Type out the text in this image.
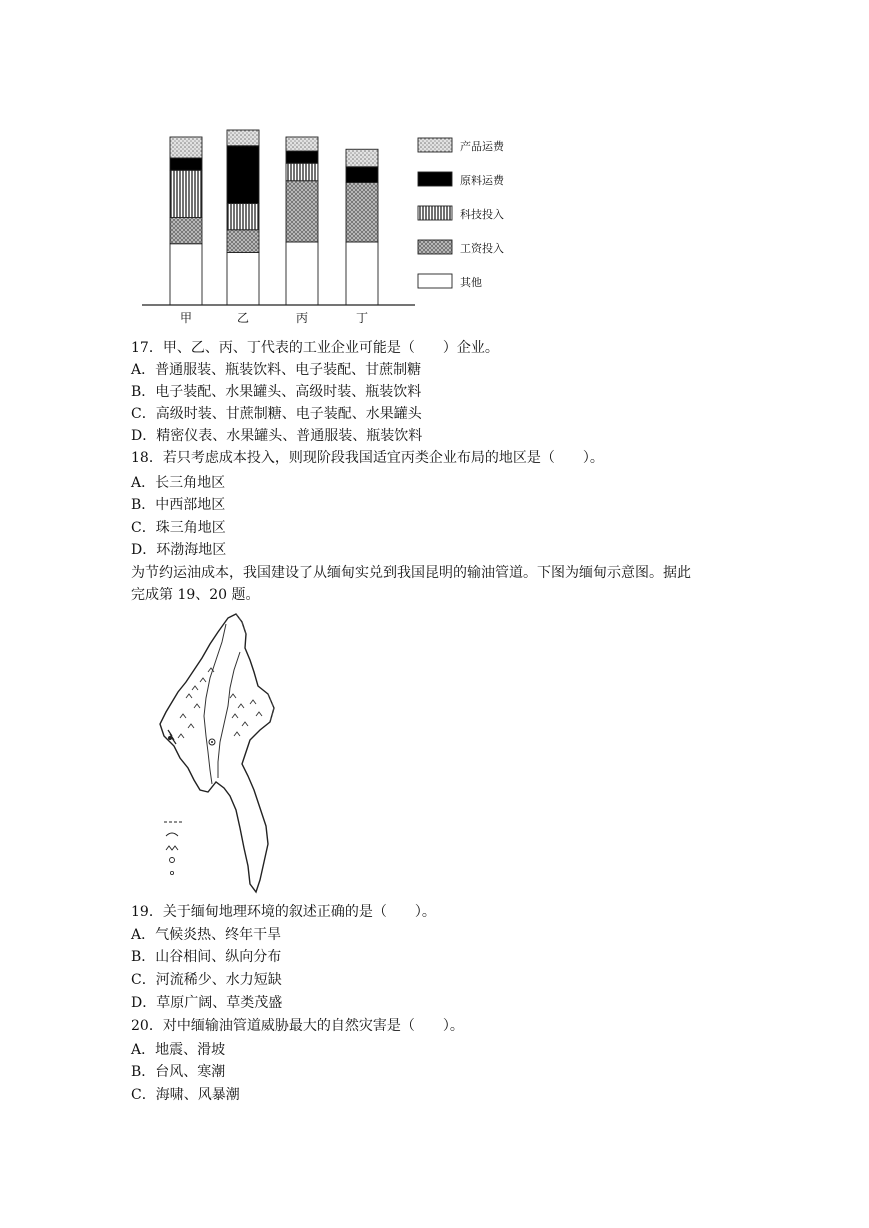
甲	乙	丙	丁
产品运费
原料运费
科技投入
工资投入
其他
17．甲、乙、丙、丁代表的工业企业可能是（　　）企业。
A．普通服装、瓶装饮料、电子装配、甘蔗制糖
B．电子装配、水果罐头、高级时装、瓶装饮料
C．高级时装、甘蔗制糖、电子装配、水果罐头
D．精密仪表、水果罐头、普通服装、瓶装饮料
18．若只考虑成本投入，则现阶段我国适宜丙类企业布局的地区是（　　）。
A．长三角地区
B．中西部地区
C．珠三角地区
D．环渤海地区
为节约运油成本，我国建设了从缅甸实兑到我国昆明的输油管道。下图为缅甸示意图。据此
完成第 19、20 题。
19．关于缅甸地理环境的叙述正确的是（　　）。
A．气候炎热、终年干旱
B．山谷相间、纵向分布
C．河流稀少、水力短缺
D．草原广阔、草类茂盛
20．对中缅输油管道威胁最大的自然灾害是（　　）。
A．地震、滑坡
B．台风、寒潮
C．海啸、风暴潮
